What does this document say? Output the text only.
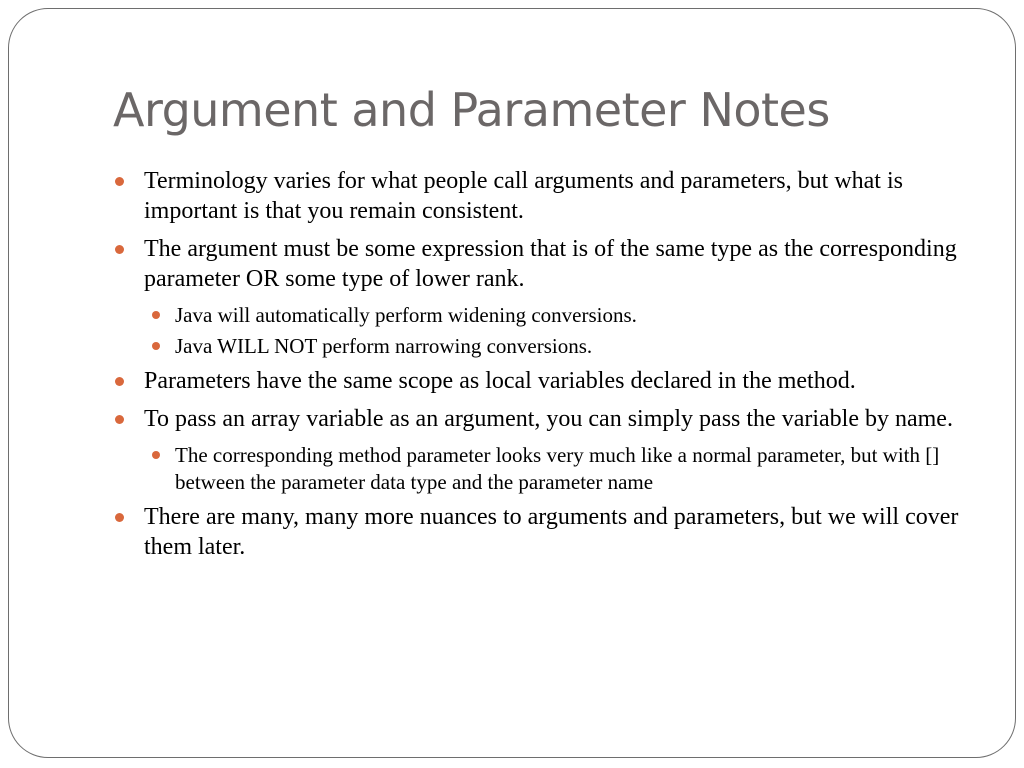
Argument and Parameter Notes
Terminology varies for what people call arguments and parameters, but what is important is that you remain consistent.
The argument must be some expression that is of the same type as the corresponding parameter OR some type of lower rank.
Java will automatically perform widening conversions.
Java WILL NOT perform narrowing conversions.
Parameters have the same scope as local variables declared in the method.
To pass an array variable as an argument, you can simply pass the variable by name.
The corresponding method parameter looks very much like a normal parameter, but with [] between the parameter data type and the parameter name
There are many, many more nuances to arguments and parameters, but we will cover them later.
